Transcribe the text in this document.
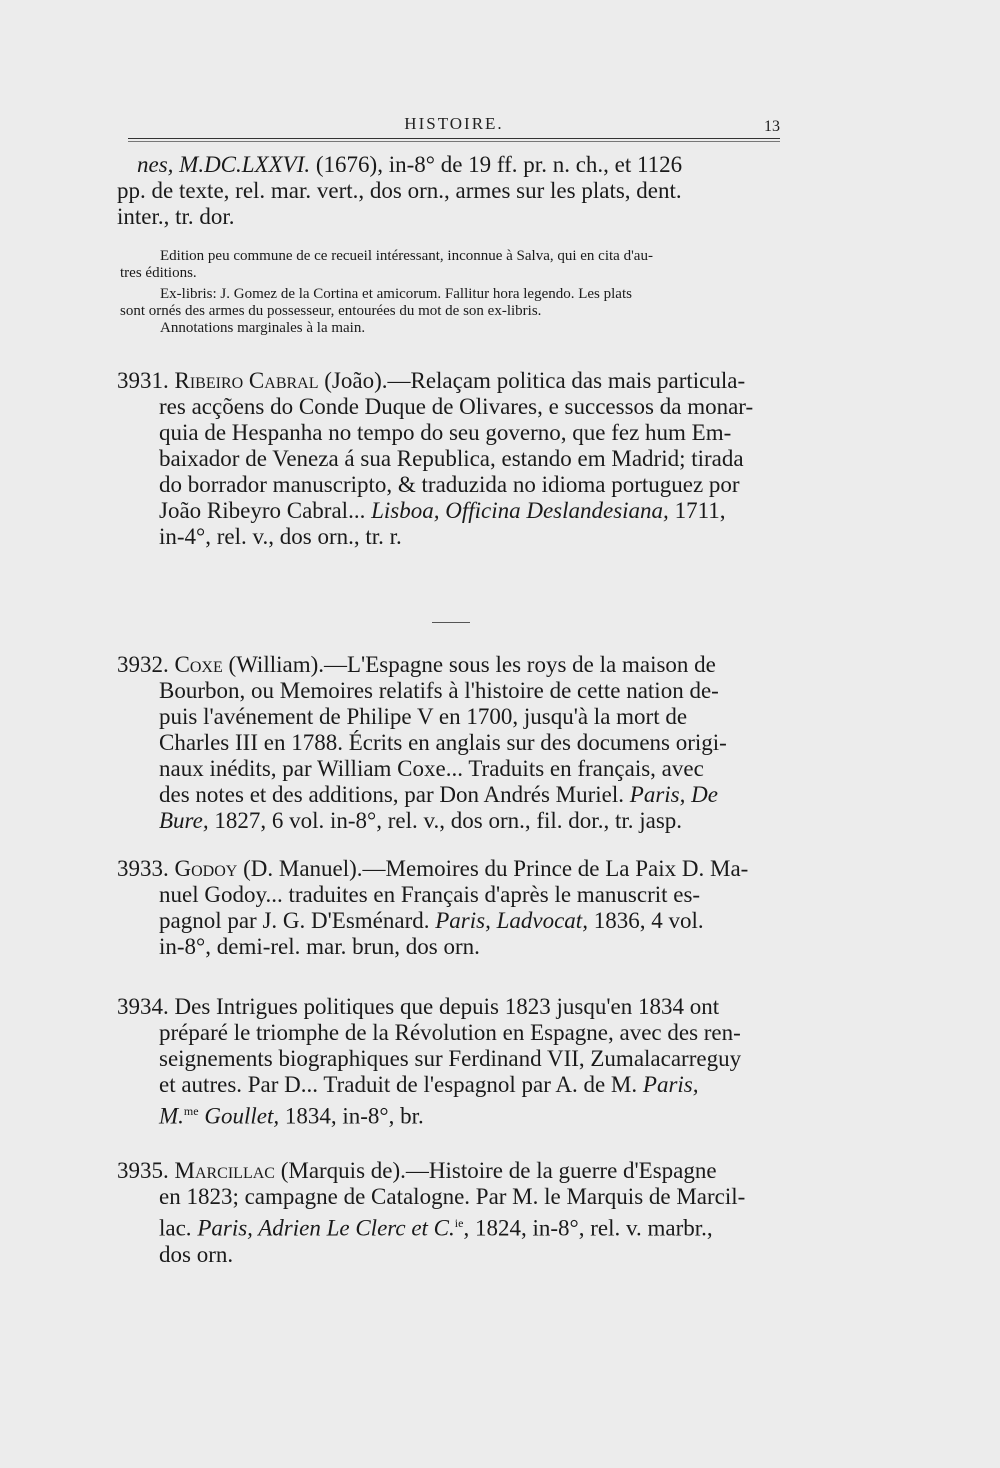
HISTOIRE.	13
nes, M.DC.LXXVI. (1676), in-8° de 19 ff. pr. n. ch., et 1126
pp. de texte, rel. mar. vert., dos orn., armes sur les plats, dent.
inter., tr. dor.
Edition peu commune de ce recueil intéressant, inconnue à Salva, qui en cita d'au-
tres éditions.
Ex-libris: J. Gomez de la Cortina et amicorum. Fallitur hora legendo. Les plats
sont ornés des armes du possesseur, entourées du mot de son ex-libris.
Annotations marginales à la main.
3931. Ribeiro Cabral (João).—Relaçam politica das mais particula-
res acçõens do Conde Duque de Olivares, e successos da monar-
quia de Hespanha no tempo do seu governo, que fez hum Em-
baixador de Veneza á sua Republica, estando em Madrid; tirada
do borrador manuscripto, & traduzida no idioma portuguez por
João Ribeyro Cabral... Lisboa, Officina Deslandesiana, 1711,
in-4°, rel. v., dos orn., tr. r.
3932. Coxe (William).—L'Espagne sous les roys de la maison de
Bourbon, ou Memoires relatifs à l'histoire de cette nation de-
puis l'avénement de Philipe V en 1700, jusqu'à la mort de
Charles III en 1788. Écrits en anglais sur des documens origi-
naux inédits, par William Coxe... Traduits en français, avec
des notes et des additions, par Don Andrés Muriel. Paris, De
Bure, 1827, 6 vol. in-8°, rel. v., dos orn., fil. dor., tr. jasp.
3933. Godoy (D. Manuel).—Memoires du Prince de La Paix D. Ma-
nuel Godoy... traduites en Français d'après le manuscrit es-
pagnol par J. G. D'Esménard. Paris, Ladvocat, 1836, 4 vol.
in-8°, demi-rel. mar. brun, dos orn.
3934. Des Intrigues politiques que depuis 1823 jusqu'en 1834 ont
préparé le triomphe de la Révolution en Espagne, avec des ren-
seignements biographiques sur Ferdinand VII, Zumalacarreguy
et autres. Par D... Traduit de l'espagnol par A. de M. Paris,
M.$^{me}$ Goullet, 1834, in-8°, br.
3935. Marcillac (Marquis de).—Histoire de la guerre d'Espagne
en 1823; campagne de Catalogne. Par M. le Marquis de Marcil-
lac. Paris, Adrien Le Clerc et C.$^{ie}$, 1824, in-8°, rel. v. marbr.,
dos orn.
